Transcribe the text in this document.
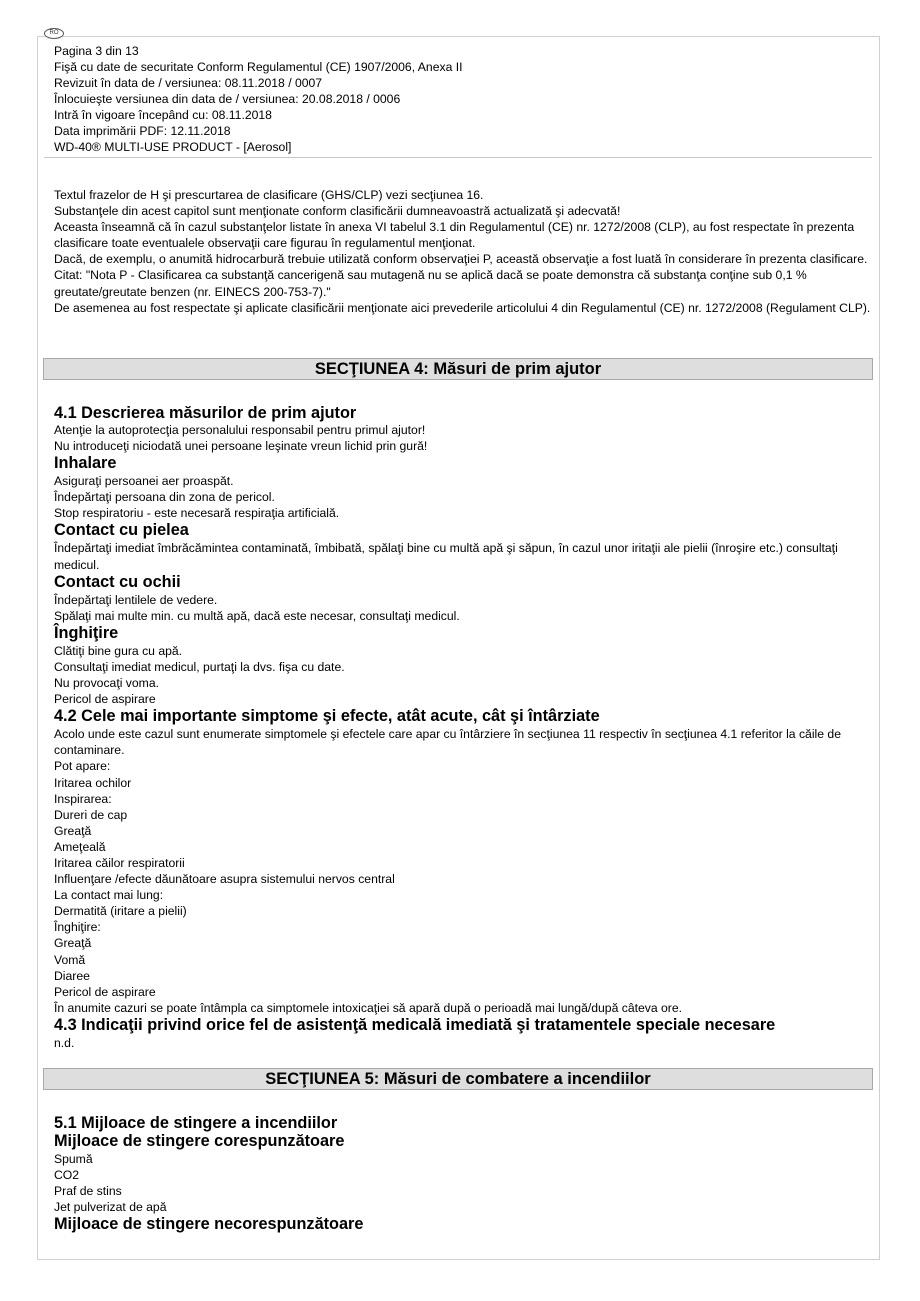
RO
Pagina 3 din 13
Fişă cu date de securitate Conform Regulamentul (CE) 1907/2006, Anexa II
Revizuit în data de / versiunea: 08.11.2018 / 0007
Înlocuieşte versiunea din data de / versiunea: 20.08.2018 / 0006
Intră în vigoare începând cu: 08.11.2018
Data imprimării PDF: 12.11.2018
WD-40® MULTI-USE PRODUCT - [Aerosol]

Textul frazelor de H şi prescurtarea de clasificare (GHS/CLP) vezi secţiunea 16.

Substanţele din acest capitol sunt menţionate conform clasificării dumneavoastră actualizată şi adecvată!

Aceasta înseamnă că în cazul substanţelor listate în anexa VI tabelul 3.1 din Regulamentul (CE) nr. 1272/2008 (CLP), au fost respectate în prezenta clasificare toate eventualele observaţii care figurau în regulamentul menţionat.

Dacă, de exemplu, o anumită hidrocarbură trebuie utilizată conform observaţiei P, această observaţie a fost luată în considerare în prezenta clasificare.

Citat: "Nota P - Clasificarea ca substanţă cancerigenă sau mutagenă nu se aplică dacă se poate demonstra că substanţa conţine sub 0,1 % greutate/greutate benzen (nr. EINECS 200-753-7)."

De asemenea au fost respectate şi aplicate clasificării menţionate aici prevederile articolului 4 din Regulamentul (CE) nr. 1272/2008 (Regulament CLP).

SECŢIUNEA 4: Măsuri de prim ajutor

4.1 Descrierea măsurilor de prim ajutor

Atenţie la autoprotecţia personalului responsabil pentru primul ajutor!

Nu introduceţi niciodată unei persoane leşinate vreun lichid prin gură!

Inhalare

Asiguraţi persoanei aer proaspăt.

Îndepărtaţi persoana din zona de pericol.

Stop respiratoriu - este necesară respiraţia artificială.

Contact cu pielea

Îndepărtaţi imediat îmbrăcămintea contaminată, îmbibată, spălaţi bine cu multă apă şi săpun, în cazul unor iritaţii ale pielii (înroşire etc.) consultaţi medicul.

Contact cu ochii

Îndepărtaţi lentilele de vedere.

Spălaţi mai multe min. cu multă apă, dacă este necesar, consultaţi medicul.

Înghiţire

Clătiţi bine gura cu apă.

Consultaţi imediat medicul, purtaţi la dvs. fişa cu date.

Nu provocaţi voma.

Pericol de aspirare

4.2 Cele mai importante simptome şi efecte, atât acute, cât şi întârziate

Acolo unde este cazul sunt enumerate simptomele şi efectele care apar cu întârziere în secţiunea 11 respectiv în secţiunea 4.1 referitor la căile de contaminare.

Pot apare:

Iritarea ochilor

Inspirarea:

Dureri de cap

Greaţă

Ameţeală

Iritarea căilor respiratorii

Influenţare /efecte dăunătoare asupra sistemului nervos central

La contact mai lung:

Dermatită (iritare a pielii)

Înghiţire:

Greaţă

Vomă

Diaree

Pericol de aspirare

În anumite cazuri se poate întâmpla ca simptomele intoxicaţiei să apară după o perioadă mai lungă/după câteva ore.

4.3 Indicaţii privind orice fel de asistenţă medicală imediată şi tratamentele speciale necesare

n.d.

SECŢIUNEA 5: Măsuri de combatere a incendiilor

5.1 Mijloace de stingere a incendiilor

Mijloace de stingere corespunzătoare

Spumă

CO2

Praf de stins

Jet pulverizat de apă

Mijloace de stingere necorespunzătoare
